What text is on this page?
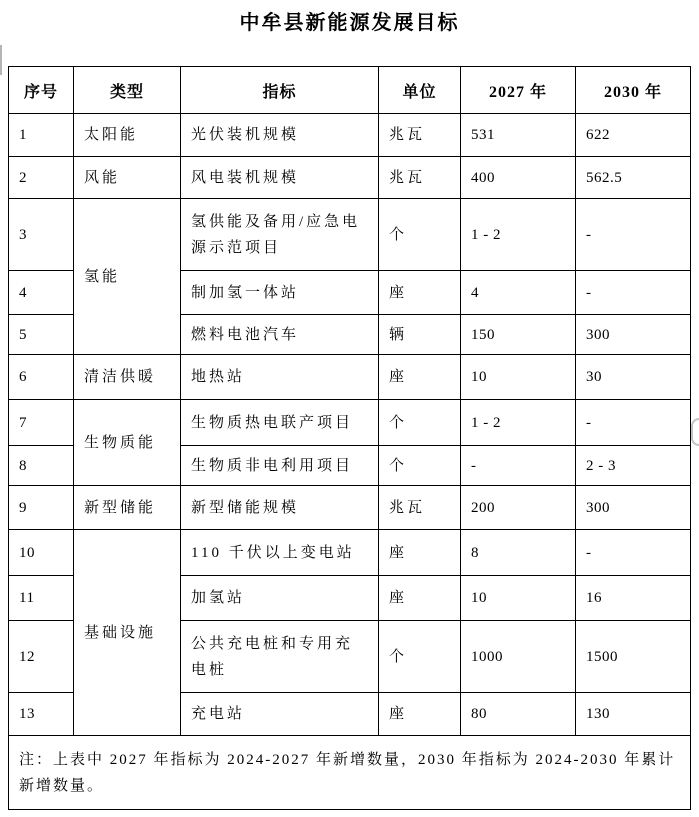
中牟县新能源发展目标
序号	类型	指标	单位	2027 年	2030 年
1	太阳能	光伏装机规模	兆瓦	531	622
2	风能	风电装机规模	兆瓦	400	562.5
3	氢能	氢供能及备用/应急电源示范项目	个	1 - 2	-
4		制加氢一体站	座	4	-
5		燃料电池汽车	辆	150	300
6	清洁供暖	地热站	座	10	30
7	生物质能	生物质热电联产项目	个	1 - 2	-
8		生物质非电利用项目	个	-	2 - 3
9	新型储能	新型储能规模	兆瓦	200	300
10	基础设施	110 千伏以上变电站	座	8	-
11		加氢站	座	10	16
12		公共充电桩和专用充电桩	个	1000	1500
13		充电站	座	80	130
注：上表中 2027 年指标为 2024-2027 年新增数量，2030 年指标为 2024-2030 年累计新增数量。					
